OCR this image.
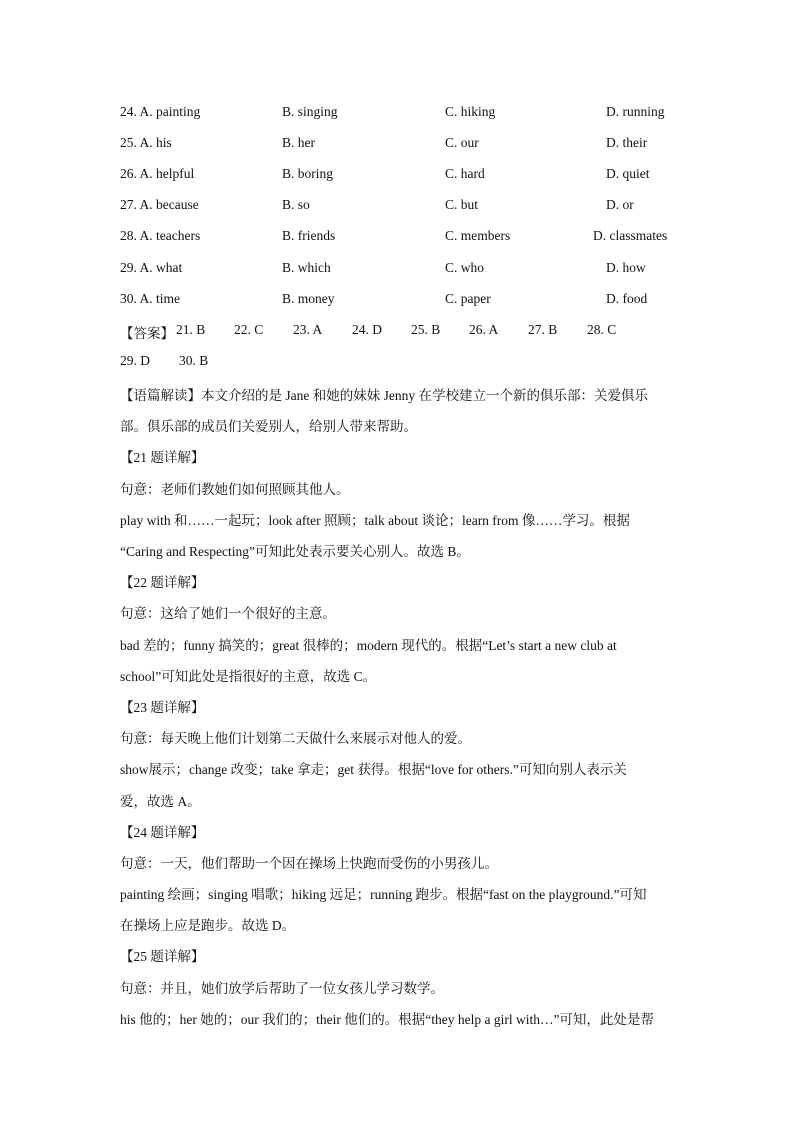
24. A. painting	B. singing	C. hiking	D. running
25. A. his	B. her	C. our	D. their
26. A. helpful	B. boring	C. hard	D. quiet
27. A. because	B. so	C. but	D. or
28. A. teachers	B. friends	C. members	D. classmates
29. A. what	B. which	C. who	D. how
30. A. time	B. money	C. paper	D. food
【答案】 21. B 22. C 23. A 24. D 25. B 26. A 27. B 28. C
29. D 30. B
【语篇解读】本文介绍的是 Jane 和她的妹妹 Jenny 在学校建立一个新的俱乐部：关爱俱乐
部。俱乐部的成员们关爱别人，给别人带来帮助。
【21 题详解】
句意：老师们教她们如何照顾其他人。
play with 和……一起玩；look after 照顾；talk about 谈论；learn from 像……学习。根据
“Caring and Respecting”可知此处表示要关心别人。故选 B。
【22 题详解】
句意：这给了她们一个很好的主意。
bad 差的；funny 搞笑的；great 很棒的；modern 现代的。根据“Let’s start a new club at
school”可知此处是指很好的主意，故选 C。
【23 题详解】
句意：每天晚上他们计划第二天做什么来展示对他人的爱。
show展示；change 改变；take 拿走；get 获得。根据“love for others.”可知向别人表示关
爱，故选 A。
【24 题详解】
句意：一天，他们帮助一个因在操场上快跑而受伤的小男孩儿。
painting 绘画；singing 唱歌；hiking 远足；running 跑步。根据“fast on the playground.”可知
在操场上应是跑步。故选 D。
【25 题详解】
句意：并且，她们放学后帮助了一位女孩儿学习数学。
his 他的；her 她的；our 我们的；their 他们的。根据“they help a girl with…”可知，此处是帮
